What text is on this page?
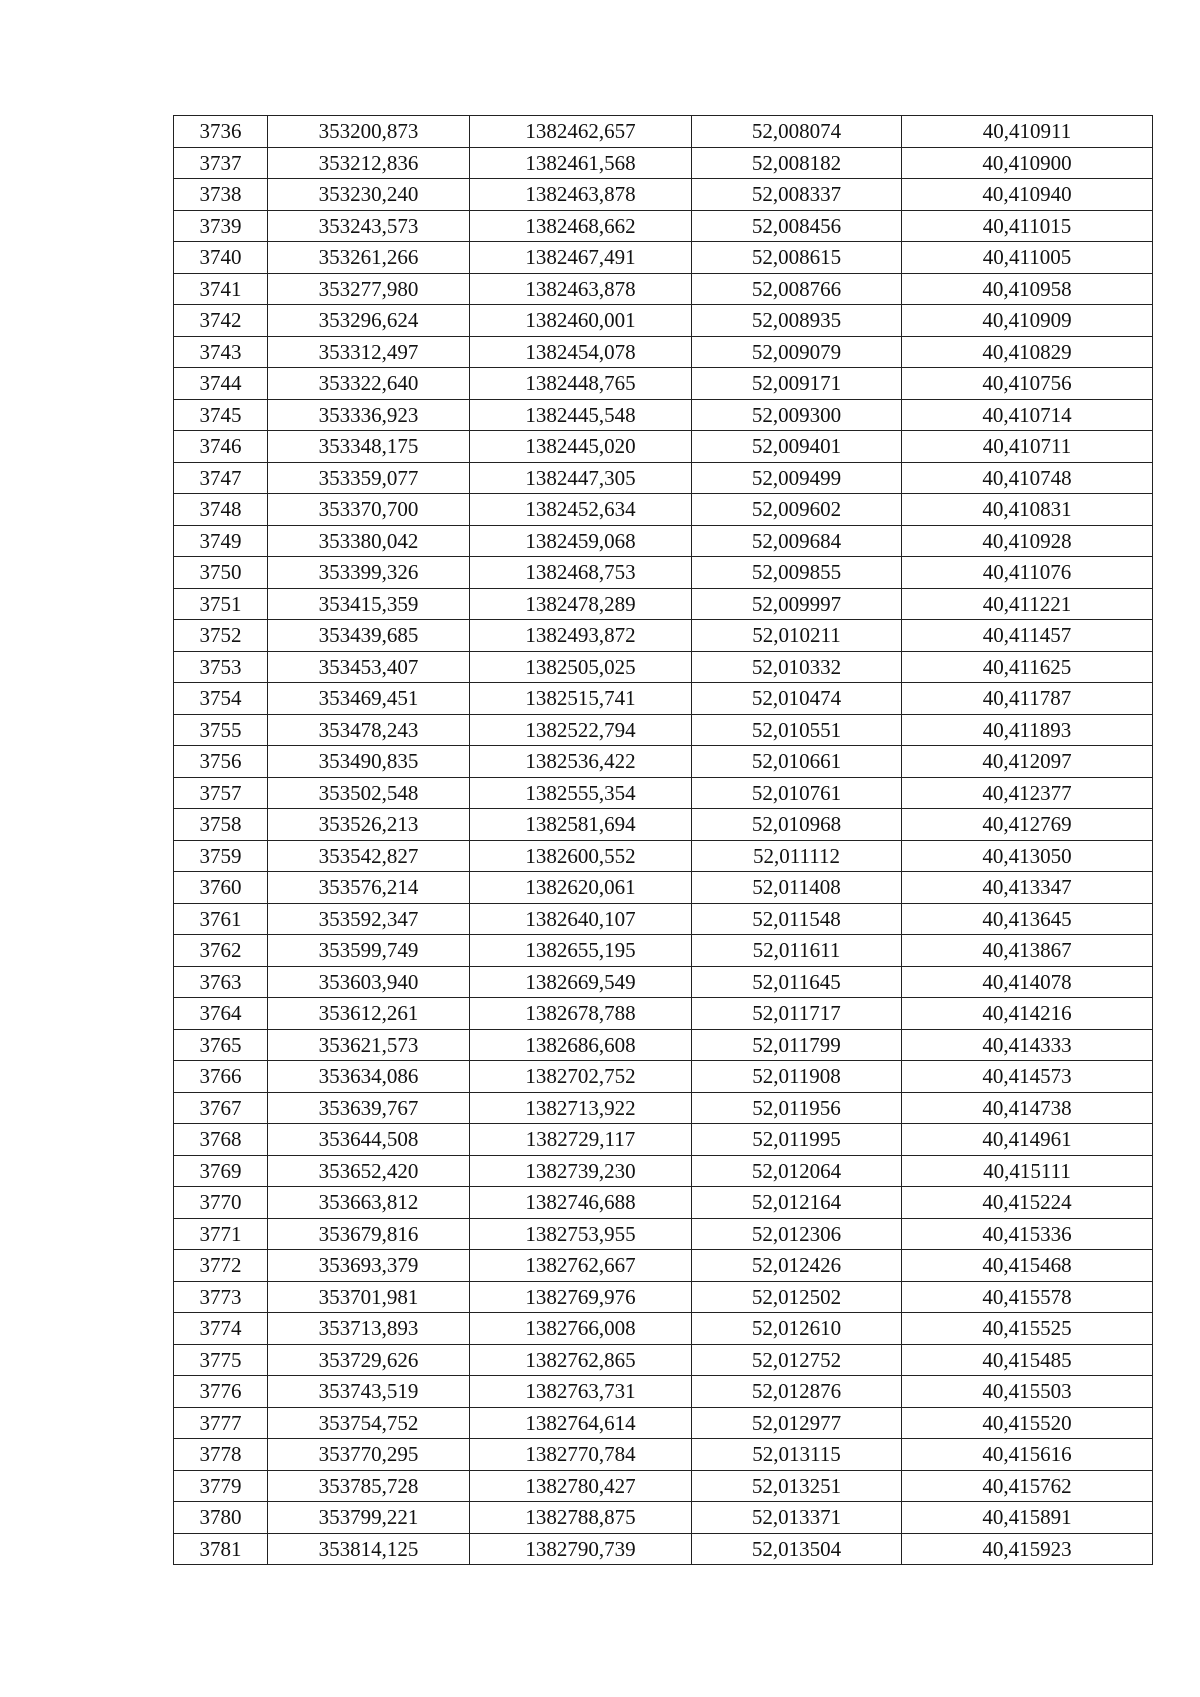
3736	353200,873	1382462,657	52,008074	40,410911
3737	353212,836	1382461,568	52,008182	40,410900
3738	353230,240	1382463,878	52,008337	40,410940
3739	353243,573	1382468,662	52,008456	40,411015
3740	353261,266	1382467,491	52,008615	40,411005
3741	353277,980	1382463,878	52,008766	40,410958
3742	353296,624	1382460,001	52,008935	40,410909
3743	353312,497	1382454,078	52,009079	40,410829
3744	353322,640	1382448,765	52,009171	40,410756
3745	353336,923	1382445,548	52,009300	40,410714
3746	353348,175	1382445,020	52,009401	40,410711
3747	353359,077	1382447,305	52,009499	40,410748
3748	353370,700	1382452,634	52,009602	40,410831
3749	353380,042	1382459,068	52,009684	40,410928
3750	353399,326	1382468,753	52,009855	40,411076
3751	353415,359	1382478,289	52,009997	40,411221
3752	353439,685	1382493,872	52,010211	40,411457
3753	353453,407	1382505,025	52,010332	40,411625
3754	353469,451	1382515,741	52,010474	40,411787
3755	353478,243	1382522,794	52,010551	40,411893
3756	353490,835	1382536,422	52,010661	40,412097
3757	353502,548	1382555,354	52,010761	40,412377
3758	353526,213	1382581,694	52,010968	40,412769
3759	353542,827	1382600,552	52,011112	40,413050
3760	353576,214	1382620,061	52,011408	40,413347
3761	353592,347	1382640,107	52,011548	40,413645
3762	353599,749	1382655,195	52,011611	40,413867
3763	353603,940	1382669,549	52,011645	40,414078
3764	353612,261	1382678,788	52,011717	40,414216
3765	353621,573	1382686,608	52,011799	40,414333
3766	353634,086	1382702,752	52,011908	40,414573
3767	353639,767	1382713,922	52,011956	40,414738
3768	353644,508	1382729,117	52,011995	40,414961
3769	353652,420	1382739,230	52,012064	40,415111
3770	353663,812	1382746,688	52,012164	40,415224
3771	353679,816	1382753,955	52,012306	40,415336
3772	353693,379	1382762,667	52,012426	40,415468
3773	353701,981	1382769,976	52,012502	40,415578
3774	353713,893	1382766,008	52,012610	40,415525
3775	353729,626	1382762,865	52,012752	40,415485
3776	353743,519	1382763,731	52,012876	40,415503
3777	353754,752	1382764,614	52,012977	40,415520
3778	353770,295	1382770,784	52,013115	40,415616
3779	353785,728	1382780,427	52,013251	40,415762
3780	353799,221	1382788,875	52,013371	40,415891
3781	353814,125	1382790,739	52,013504	40,415923
